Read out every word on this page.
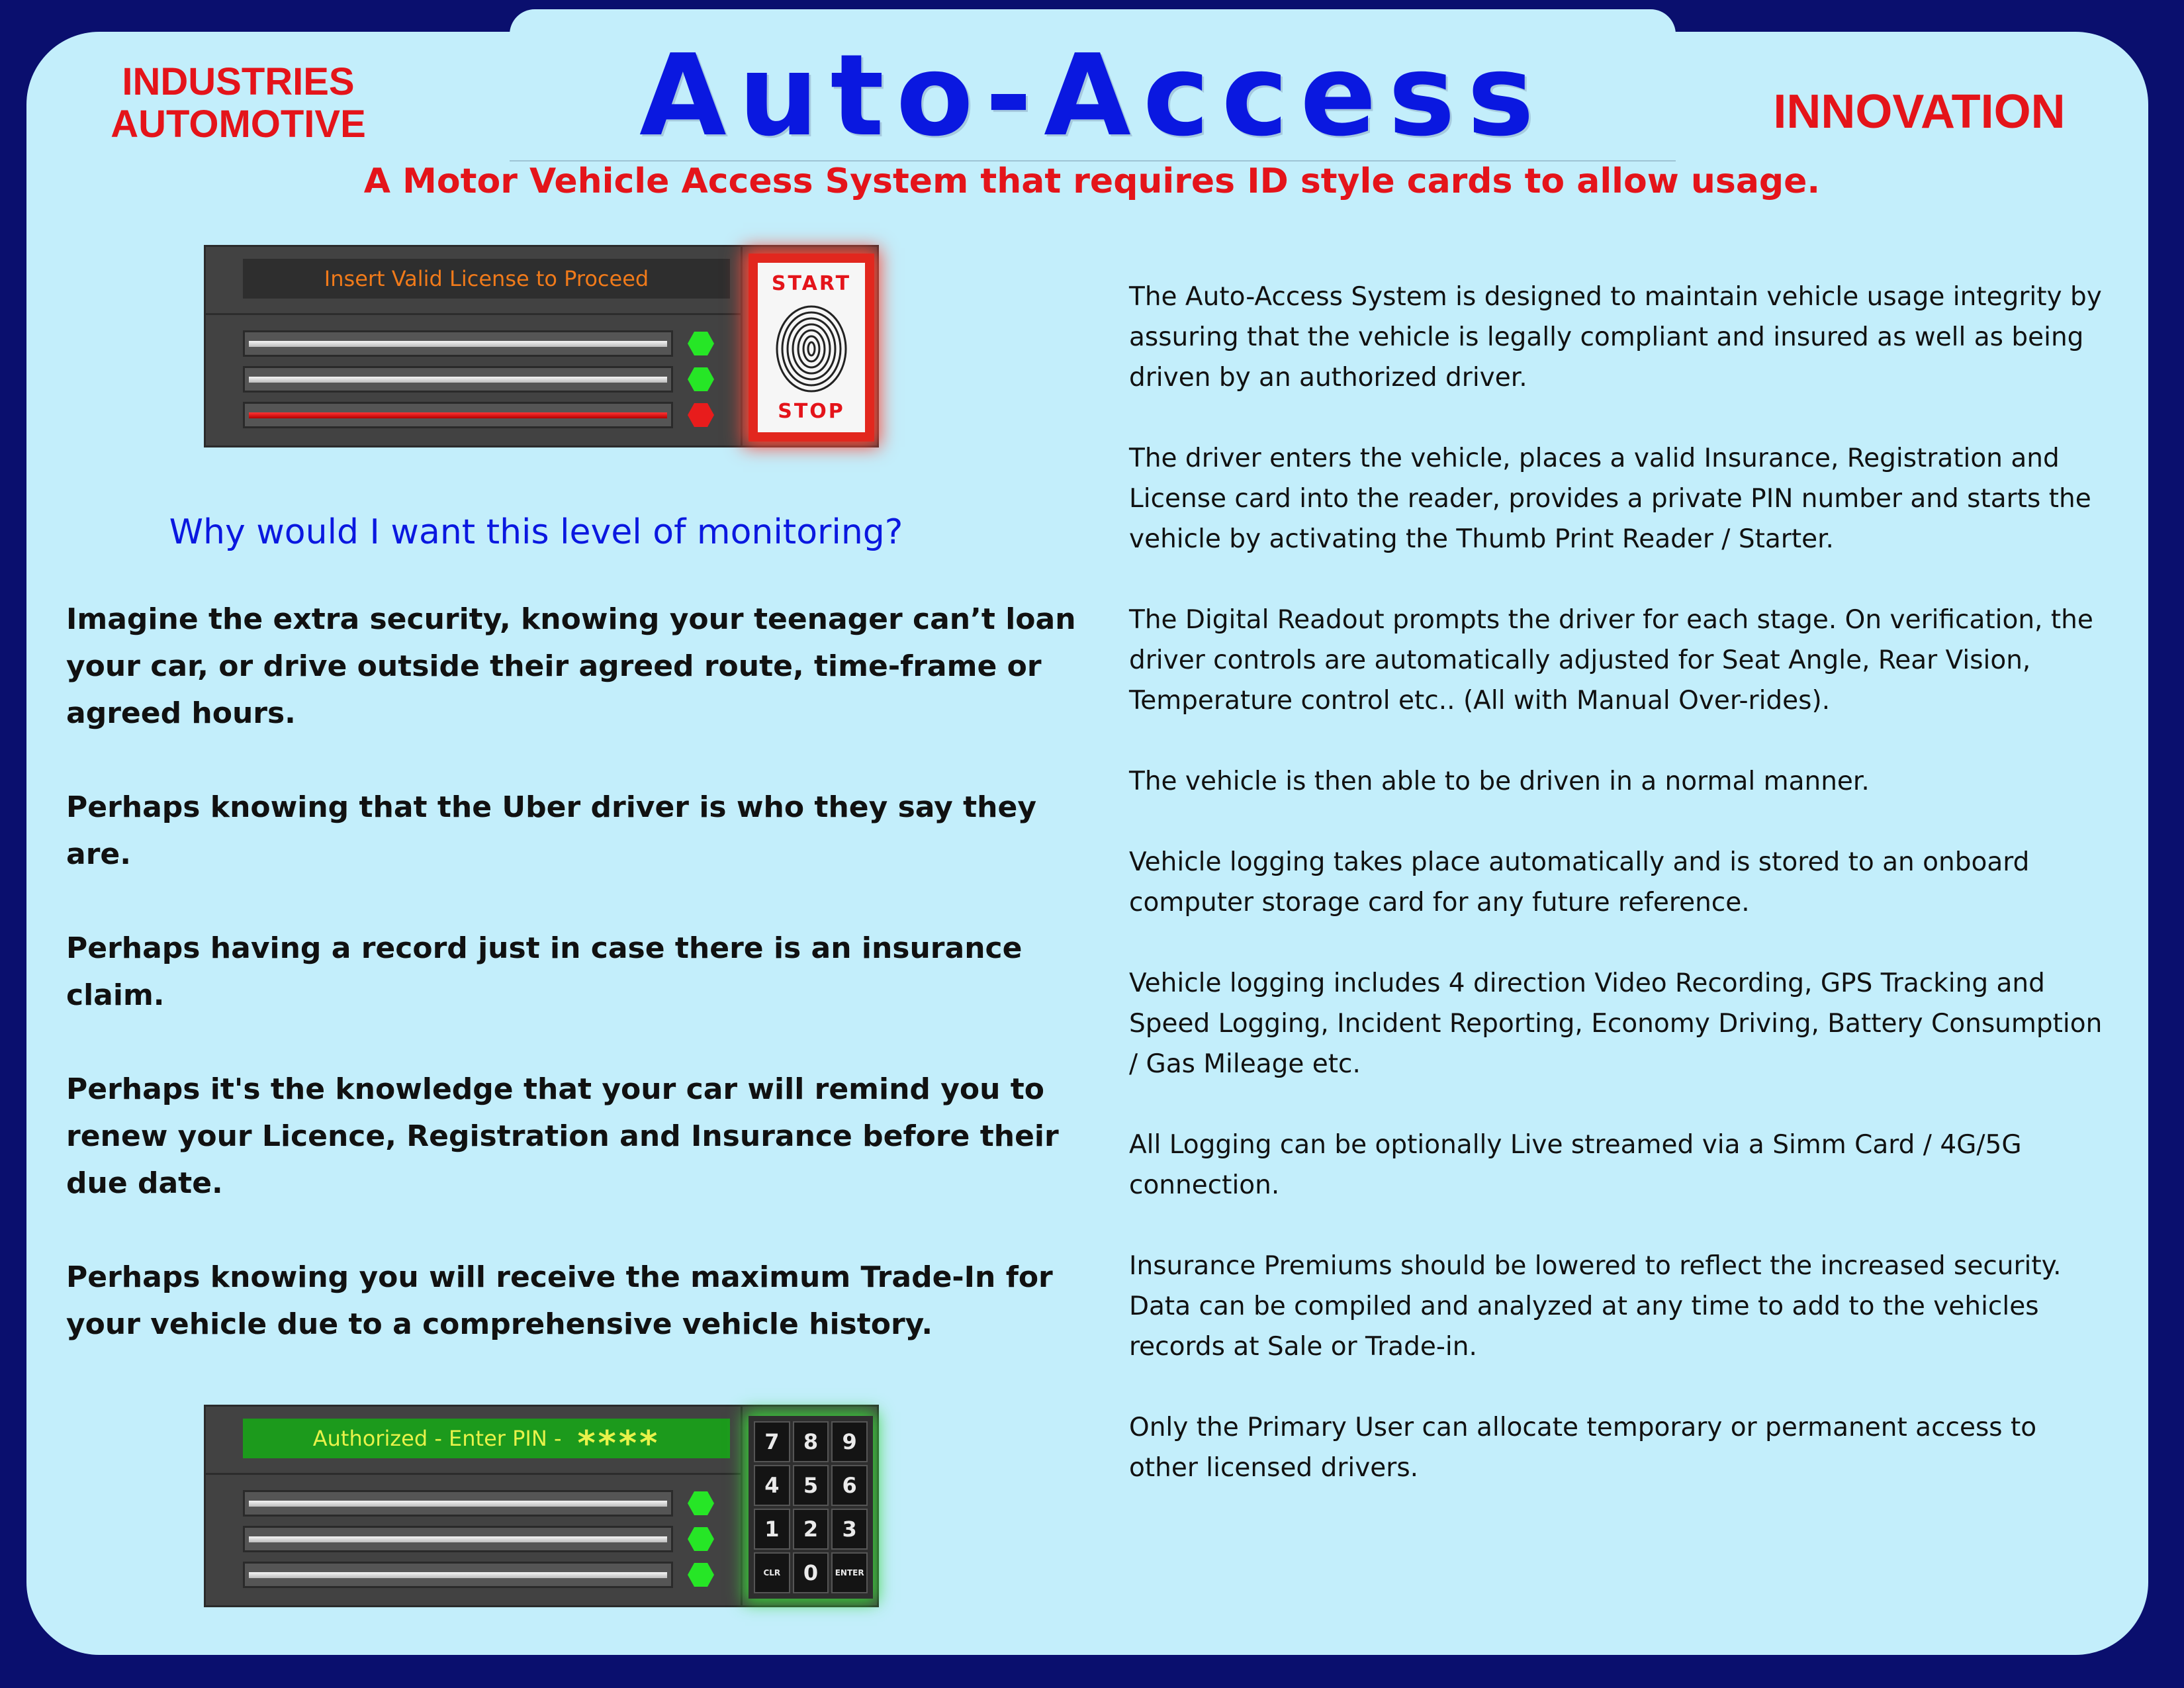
Auto-Access
INDUSTRIES
AUTOMOTIVE	INNOVATION
A Motor Vehicle Access System that requires ID style cards to allow usage.
Insert Valid License to Proceed	START
STOP
Why would I want this level of monitoring?

Imagine the extra security, knowing your teenager can’t loan your car, or drive outside their agreed route, time-frame or agreed hours.

Perhaps knowing that the Uber driver is who they say they are.

Perhaps having a record just in case there is an insurance claim.

Perhaps it's the knowledge that your car will remind you to renew your Licence, Registration and Insurance before their due date.

Perhaps knowing you will receive the maximum Trade-In for your vehicle due to a comprehensive vehicle history.

Authorized - Enter PIN - ****	7	8	9
4	5	6
1	2	3
CLR	0	ENTER

The Auto-Access System is designed to maintain vehicle usage integrity by assuring that the vehicle is legally compliant and insured as well as being driven by an authorized driver.

The driver enters the vehicle, places a valid Insurance, Registration and License card into the reader, provides a private PIN number and starts the vehicle by activating the Thumb Print Reader / Starter.

The Digital Readout prompts the driver for each stage. On verification, the driver controls are automatically adjusted for Seat Angle, Rear Vision, Temperature control etc.. (All with Manual Over-rides).

The vehicle is then able to be driven in a normal manner.

Vehicle logging takes place automatically and is stored to an onboard computer storage card for any future reference.

Vehicle logging includes 4 direction Video Recording, GPS Tracking and Speed Logging, Incident Reporting, Economy Driving, Battery Consumption / Gas Mileage etc.

All Logging can be optionally Live streamed via a Simm Card / 4G/5G connection.

Insurance Premiums should be lowered to reflect the increased security.

Data can be compiled and analyzed at any time to add to the vehicles records at Sale or Trade-in.

Only the Primary User can allocate temporary or permanent access to other licensed drivers.
